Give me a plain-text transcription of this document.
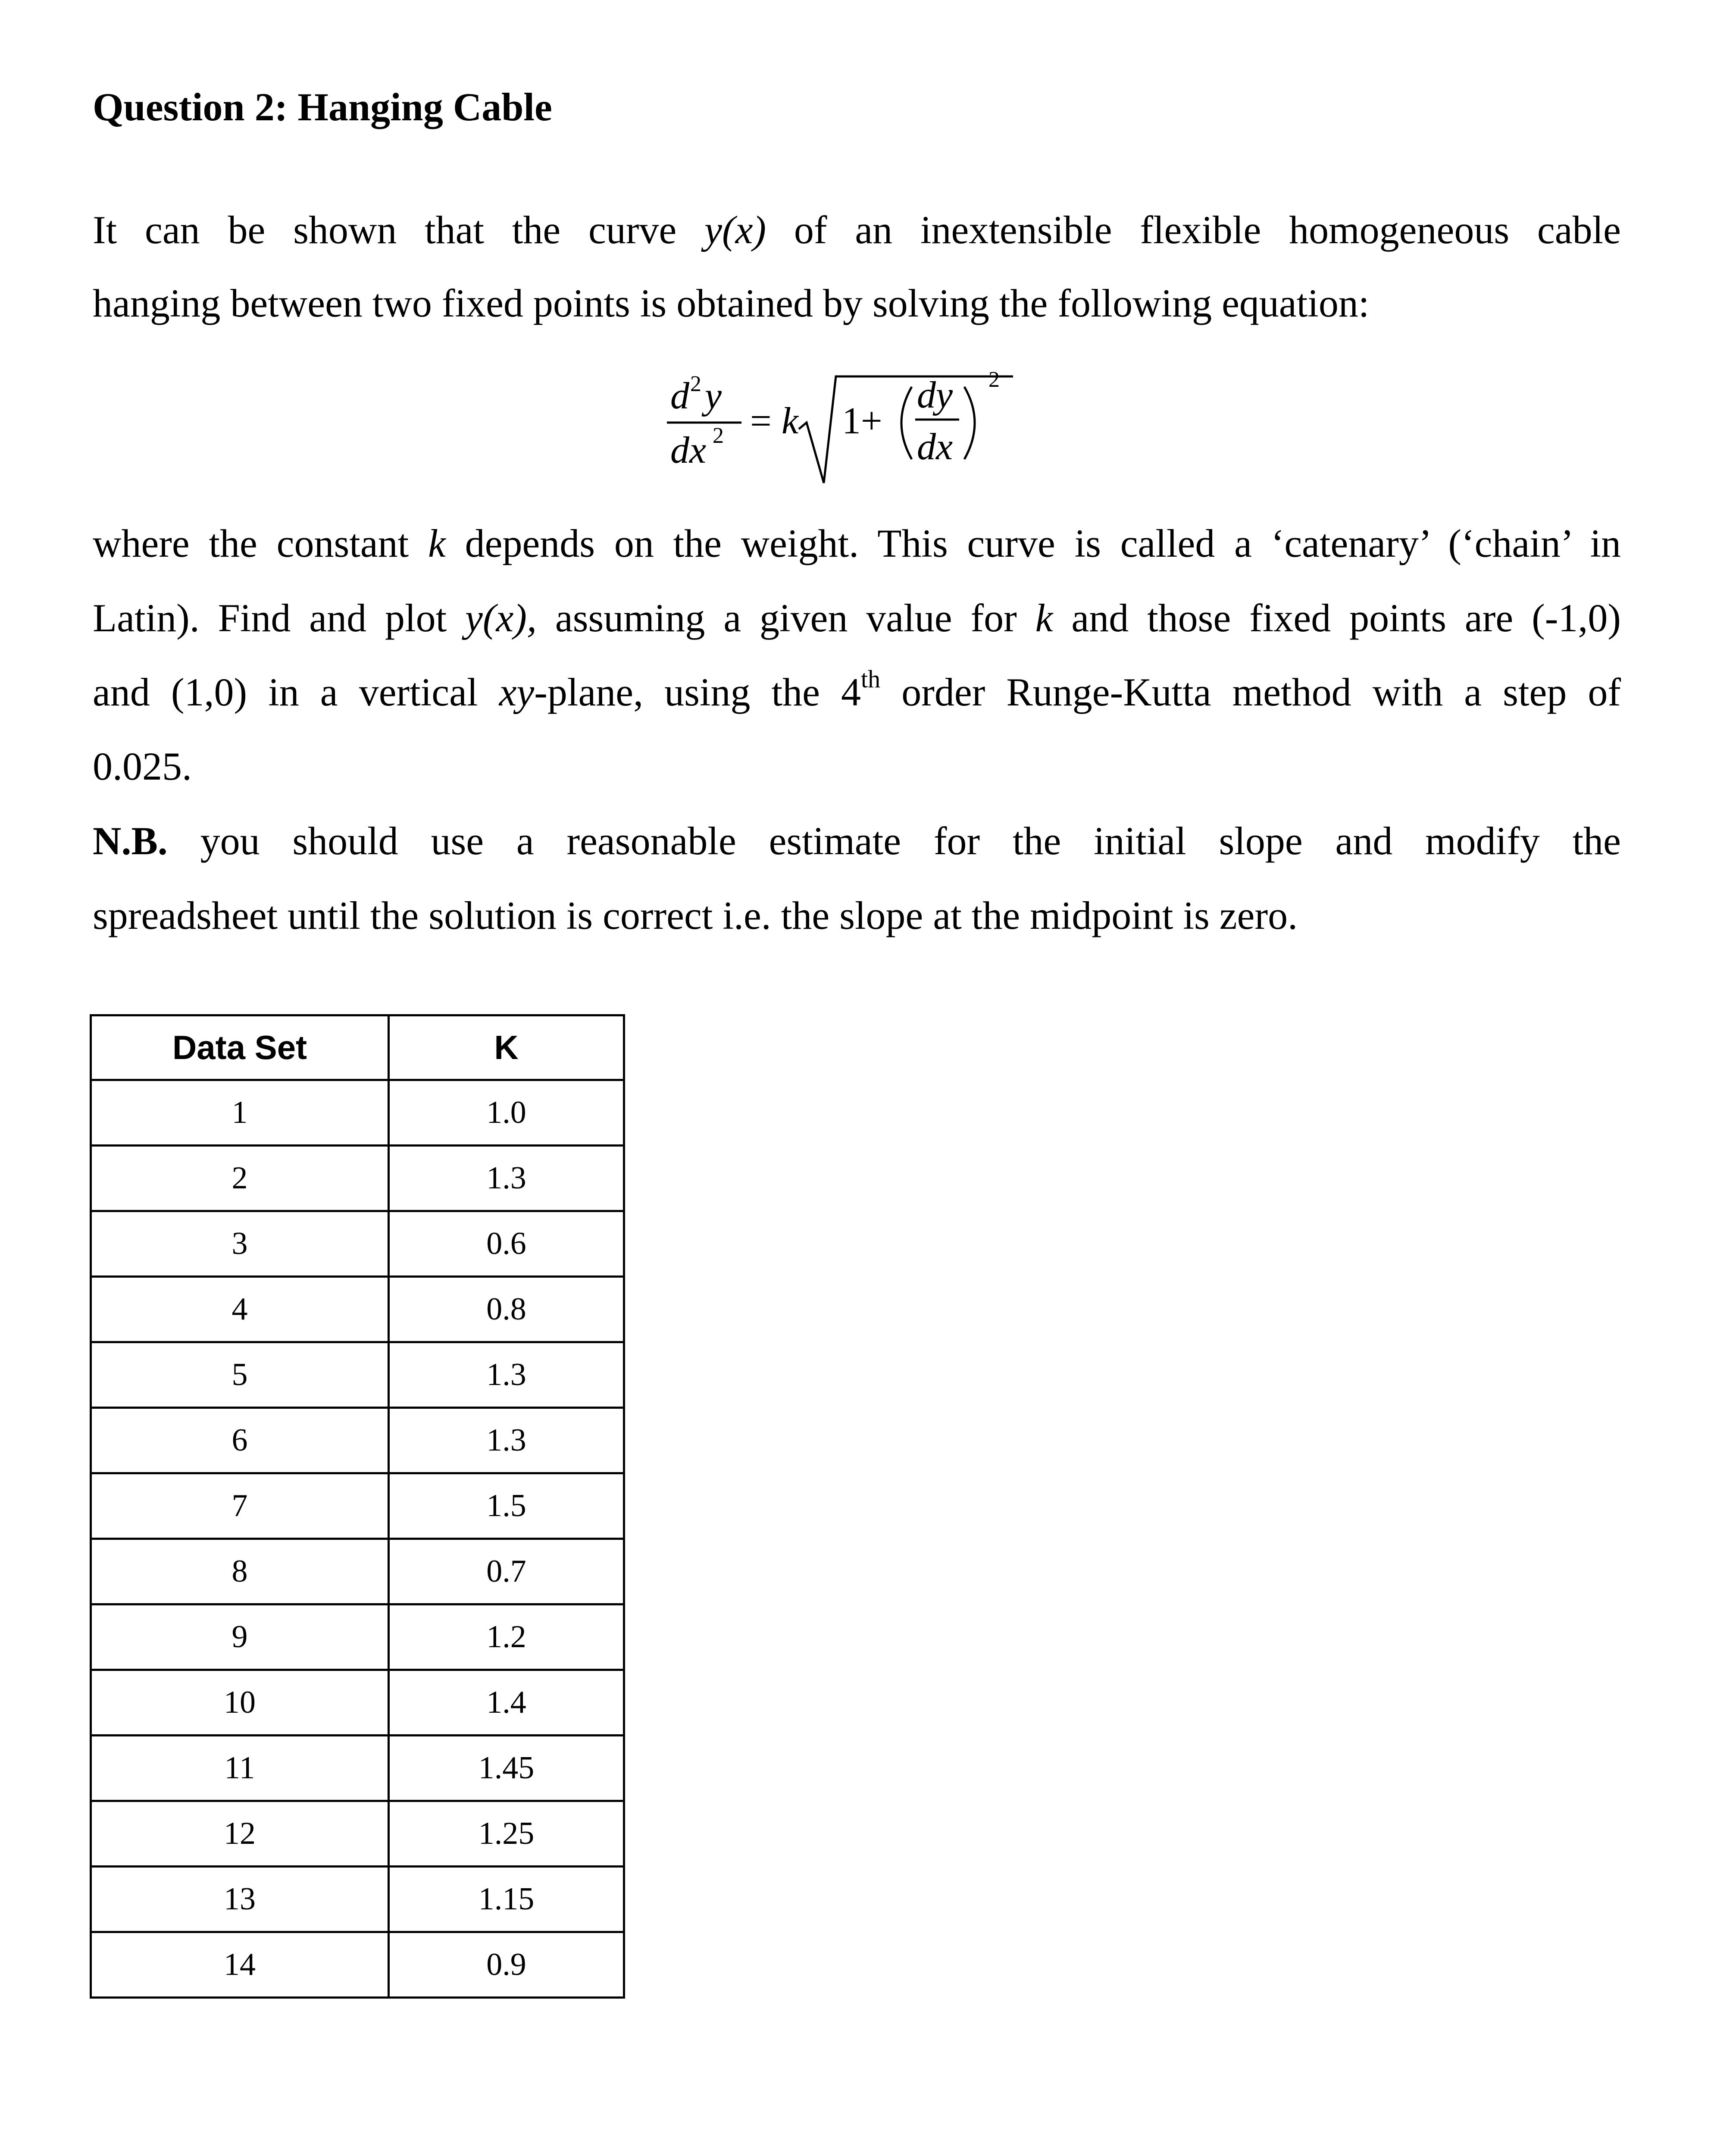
Question 2: Hanging Cable
It can be shown that the curve y(x) of an inextensible flexible homogeneous cable
hanging between two fixed points is obtained by solving the following equation:
d 2 y
dx 2 = k 1+
dy
dx
2
where the constant k depends on the weight. This curve is called a ‘catenary’ (‘chain’ in
Latin). Find and plot y(x), assuming a given value for k and those fixed points are (-1,0)
and (1,0) in a vertical xy-plane, using the 4th order Runge-Kutta method with a step of
0.025.
N.B. you should use a reasonable estimate for the initial slope and modify the
spreadsheet until the solution is correct i.e. the slope at the midpoint is zero.
Data Set	K
1	1.0
2	1.3
3	0.6
4	0.8
5	1.3
6	1.3
7	1.5
8	0.7
9	1.2
10	1.4
11	1.45
12	1.25
13	1.15
14	0.9
